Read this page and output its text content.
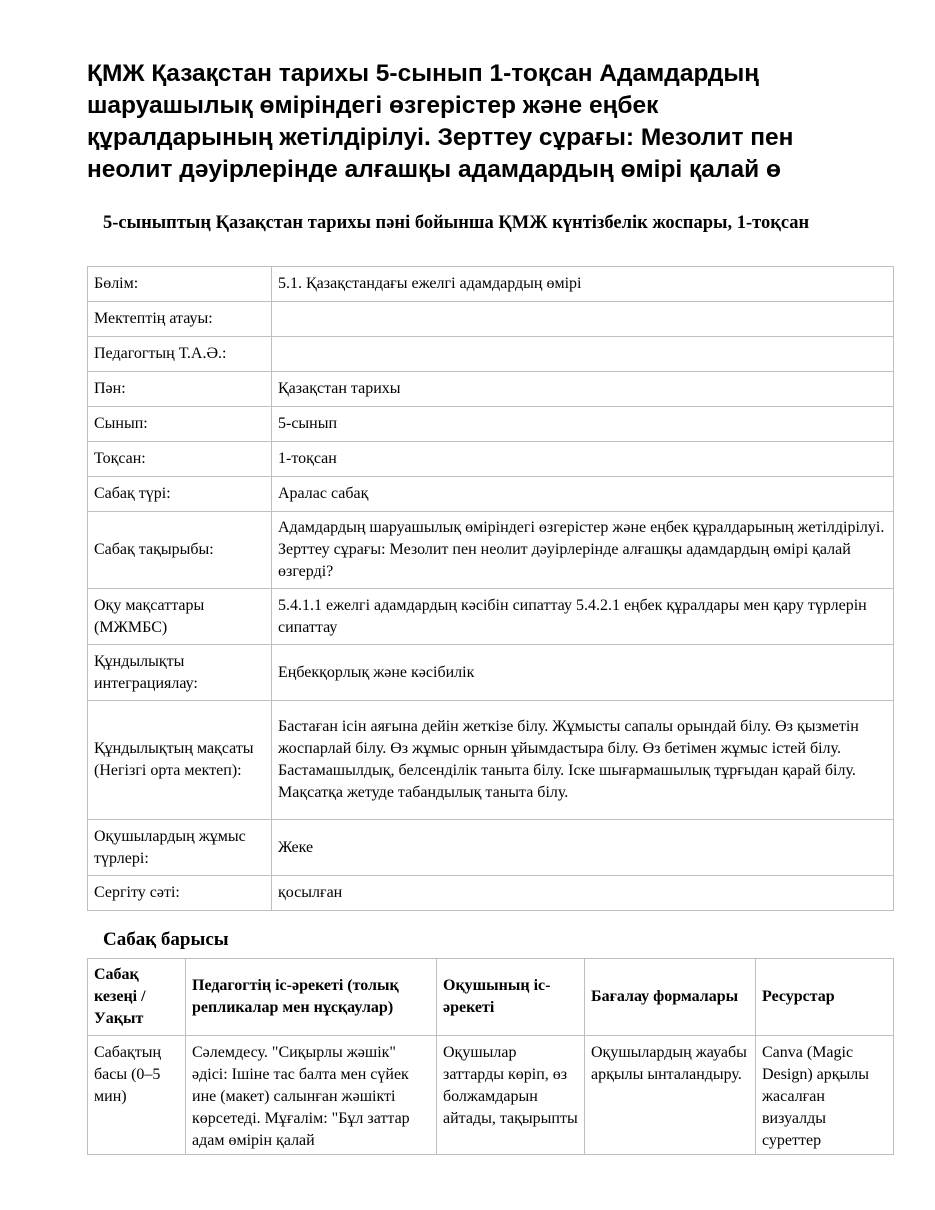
ҚМЖ Қазақстан тарихы 5-сынып 1-тоқсан Адамдардың
шаруашылық өміріндегі өзгерістер және еңбек
құралдарының жетілдірілуі. Зерттеу сұрағы: Мезолит пен
неолит дәуірлерінде алғашқы адамдардың өмірі қалай ө
5-сыныптың Қазақстан тарихы пәні бойынша ҚМЖ күнтізбелік жоспары, 1-тоқсан
Бөлім:	5.1. Қазақстандағы ежелгі адамдардың өмірі
Мектептің атауы:	
Педагогтың Т.А.Ә.:	
Пән:	Қазақстан тарихы
Сынып:	5-сынып
Тоқсан:	1-тоқсан
Сабақ түрі:	Аралас сабақ
Сабақ тақырыбы:	Адамдардың шаруашылық өміріндегі өзгерістер және еңбек құралдарының жетілдірілуі. Зерттеу сұрағы: Мезолит пен неолит дәуірлерінде алғашқы адамдардың өмірі қалай өзгерді?
Оқу мақсаттары (МЖМБС)	5.4.1.1 ежелгі адамдардың кәсібін сипаттау 5.4.2.1 еңбек құралдары мен қару түрлерін сипаттау
Құндылықты интеграциялау:	Еңбекқорлық және кәсібилік
Құндылықтың мақсаты (Негізгі орта мектеп):	Бастаған ісін аяғына дейін жеткізе білу. Жұмысты сапалы орындай білу. Өз қызметін жоспарлай білу. Өз жұмыс орнын ұйымдастыра білу. Өз бетімен жұмыс істей білу. Бастамашылдық, белсенділік таныта білу. Іске шығармашылық тұрғыдан қарай білу. Мақсатқа жетуде табандылық таныта білу.
Оқушылардың жұмыс түрлері:	Жеке
Сергіту сәті:	қосылған
Сабақ барысы
Сабақ кезеңі / Уақыт	Педагогтің іс-әрекеті (толық репликалар мен нұсқаулар)	Оқушының іс-әрекеті	Бағалау формалары	Ресурстар

Сабақтың басы (0–5 мин)	Сәлемдесу. "Сиқырлы жәшік" әдісі: Ішіне тас балта мен сүйек ине (макет) салынған жәшікті көрсетеді. Мұғалім: "Бұл заттар адам өмірін қалай	Оқушылар заттарды көріп, өз болжамдарын айтады, тақырыпты	Оқушылардың жауабы арқылы ынталандыру.	Canva (Magic Design) арқылы жасалған визуалды суреттер
